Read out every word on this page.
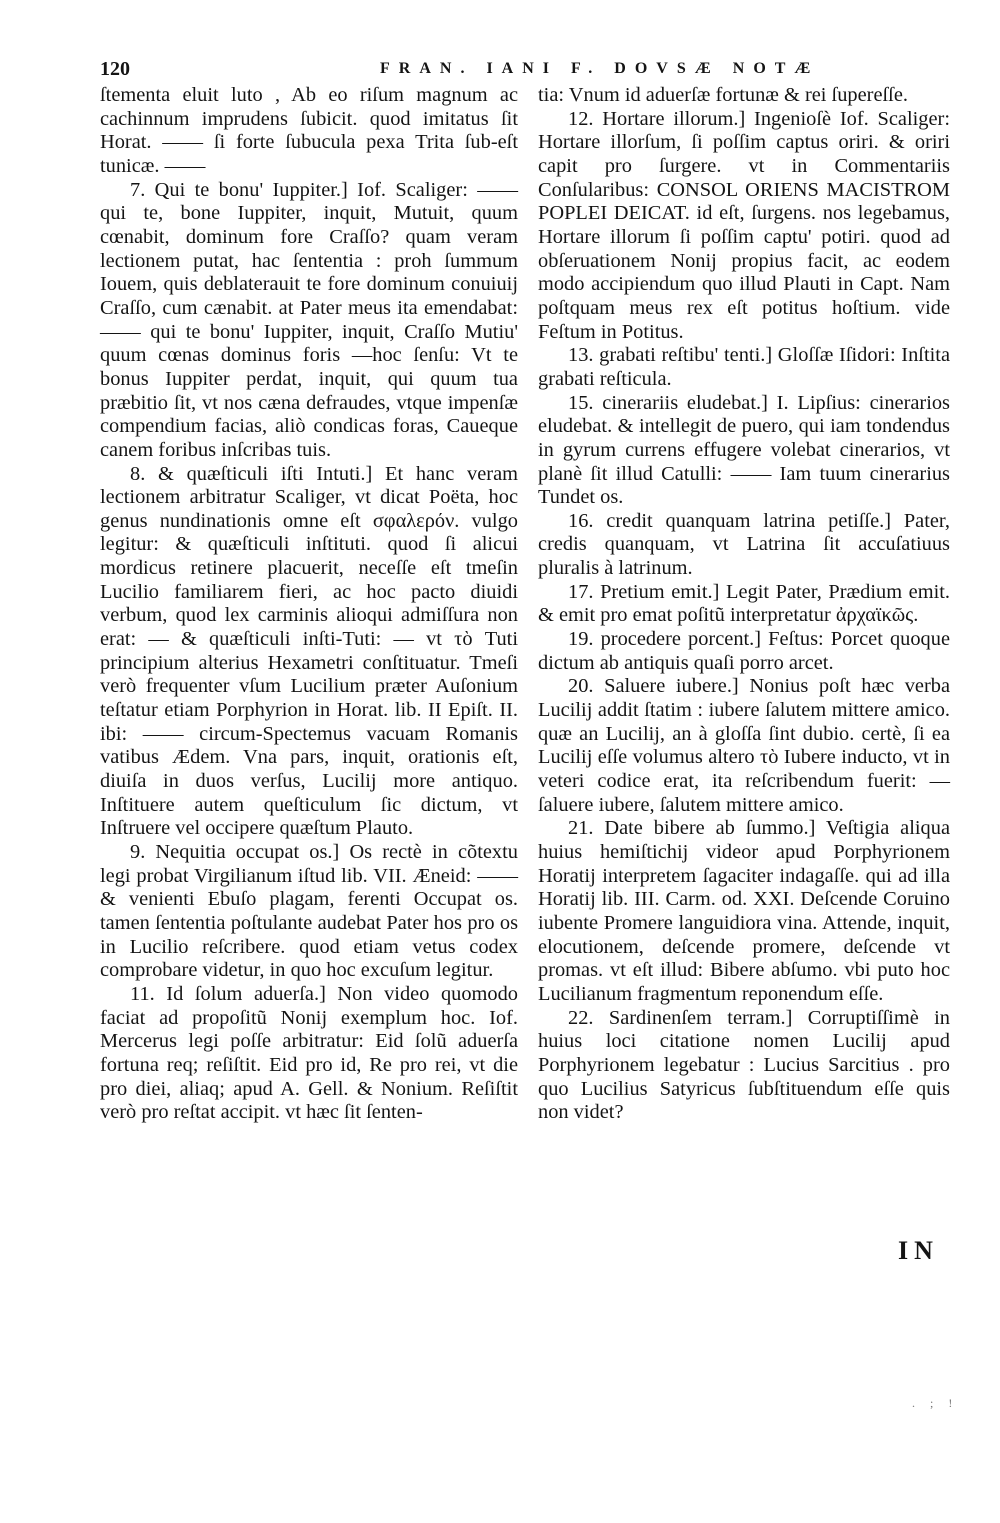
120	FRAN. IANI F. DOVSÆ NOTÆ

ſtementa eluit luto , Ab eo riſum magnum ac cachinnum imprudens ſubicit. quod imitatus ſit Horat. —— ſi forte ſubucula pexa Trita ſub-eſt tunicæ. ——

7. Qui te bonu' Iuppiter.] Iof. Scaliger: —— qui te, bone Iuppiter, inquit, Mutuit, quum cœnabit, dominum fore Craſſo? quam veram lectionem putat, hac ſententia : proh ſummum Iouem, quis deblaterauit te fore dominum conuiuij Craſſo, cum cænabit. at Pater meus ita emendabat: —— qui te bonu' Iuppiter, inquit, Craſſo Mutiu' quum cœnas dominus foris —hoc ſenſu: Vt te bonus Iuppiter perdat, inquit, qui quum tua præbitio ſit, vt nos cæna defraudes, vtque impenſæ compendium facias, aliò condicas foras, Caueque canem foribus inſcribas tuis.

8. & quæſticuli iſti Intuti.] Et hanc veram lectionem arbitratur Scaliger, vt dicat Poëta, hoc genus nundinationis omne eſt σφαλερόν. vulgo legitur: & quæſticuli inſtituti. quod ſi alicui mordicus retinere placuerit, neceſſe eſt tmeſin Lucilio familiarem fieri, ac hoc pacto diuidi verbum, quod lex carminis alioqui admiſſura non erat: — & quæſticuli inſti-Tuti: — vt τὸ Tuti principium alterius Hexametri conſtituatur. Tmeſi verò frequenter vſum Lucilium præter Auſonium teſtatur etiam Porphyrion in Horat. lib. II Epiſt. II. ibi: —— circum-Spectemus vacuam Romanis vatibus Ædem. Vna pars, inquit, orationis eſt, diuiſa in duos verſus, Lucilij more antiquo. Inſtituere autem queſticulum ſic dictum, vt Inſtruere vel occipere quæſtum Plauto.

9. Nequitia occupat os.] Os rectè in cõtextu legi probat Virgilianum iſtud lib. VII. Æneid: —— & venienti Ebuſo plagam, ferenti Occupat os. tamen ſententia poſtulante audebat Pater hos pro os in Lucilio reſcribere. quod etiam vetus codex comprobare videtur, in quo hoc excuſum legitur.

11. Id ſolum aduerſa.] Non video quomodo faciat ad propoſitũ Nonij exemplum hoc. Iof. Mercerus legi poſſe arbitratur: Eid ſolũ aduerſa fortuna req; reſiſtit. Eid pro id, Re pro rei, vt die pro diei, aliaq; apud A. Gell. & Nonium. Reſiſtit verò pro reſtat accipit. vt hæc ſit ſenten-

tia: Vnum id aduerſæ fortunæ & rei ſupereſſe.

12. Hortare illorum.] Ingenioſè Iof. Scaliger: Hortare illorſum, ſi poſſim captus oriri. & oriri capit pro ſurgere. vt in Commentariis Conſularibus: CONSOL ORIENS MACISTROM POPLEI DEICAT. id eſt, ſurgens. nos legebamus, Hortare illorum ſi poſſim captu' potiri. quod ad obſeruationem Nonij propius facit, ac eodem modo accipiendum quo illud Plauti in Capt. Nam poſtquam meus rex eſt potitus hoſtium. vide Feſtum in Potitus.

13. grabati reſtibu' tenti.] Gloſſæ Iſidori: Inſtita grabati reſticula.

15. cinerariis eludebat.] I. Lipſius: cinerarios eludebat. & intellegit de puero, qui iam tondendus in gyrum currens effugere volebat cinerarios, vt planè ſit illud Catulli: —— Iam tuum cinerarius Tundet os.

16. credit quanquam latrina petiſſe.] Pater, credis quanquam, vt Latrina ſit accuſatiuus pluralis à latrinum.

17. Pretium emit.] Legit Pater, Prædium emit. & emit pro emat poſitũ interpretatur ἀρχαϊκῶς.

19. procedere porcent.] Feſtus: Porcet quoque dictum ab antiquis quaſi porro arcet.

20. Saluere iubere.] Nonius poſt hæc verba Lucilij addit ſtatim : iubere ſalutem mittere amico. quæ an Lucilij, an à gloſſa ſint dubio. certè, ſi ea Lucilij eſſe volumus altero τὸ Iubere inducto, vt in veteri codice erat, ita reſcribendum fuerit: —ſaluere iubere, ſalutem mittere amico.

21. Date bibere ab ſummo.] Veſtigia aliqua huius hemiſtichij videor apud Porphyrionem Horatij interpretem ſagaciter indagaſſe. qui ad illa Horatij lib. III. Carm. od. XXI. Deſcende Coruino iubente Promere languidiora vina. Attende, inquit, elocutionem, deſcende promere, deſcende vt promas. vt eſt illud: Bibere abſumo. vbi puto hoc Lucilianum fragmentum reponendum eſſe.

22. Sardinenſem terram.] Corruptiſſimè in huius loci citatione nomen Lucilij apud Porphyrionem legebatur : Lucius Sarcitius . pro quo Lucilius Satyricus ſubſtituendum eſſe quis non videt?

IN
. ; !
